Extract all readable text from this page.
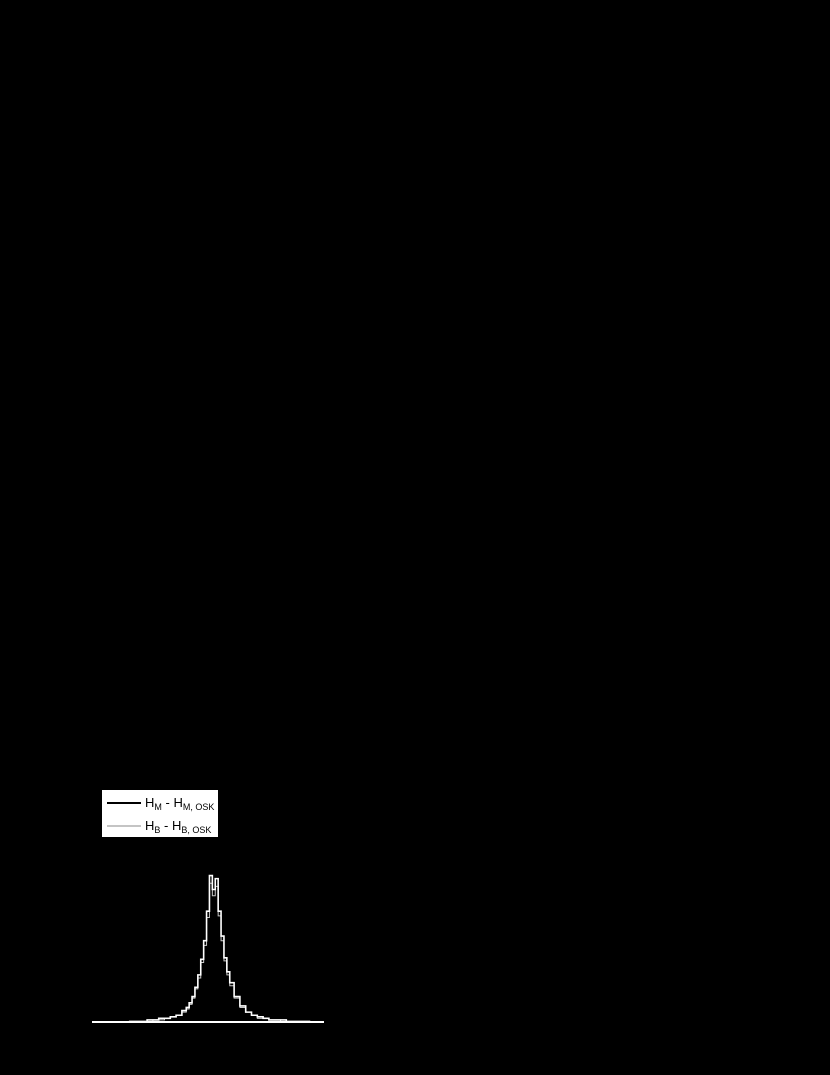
$H_M - H_{M, OSK}$
$H_B - H_{B, OSK}$
